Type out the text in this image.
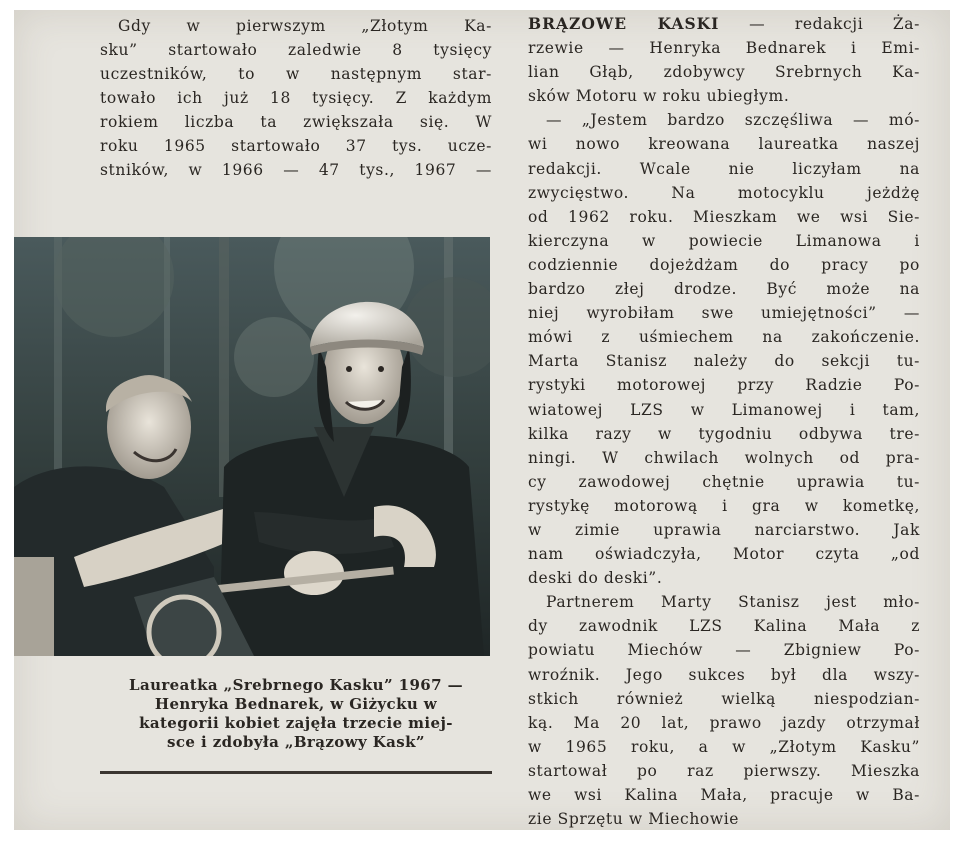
Gdy w pierwszym „Złotym Ka-
sku” startowało zaledwie 8 tysięcy
uczestników, to w następnym star-
towało ich już 18 tysięcy. Z każdym
rokiem liczba ta zwiększała się. W
roku 1965 startowało 37 tys. ucze-
stników, w 1966 — 47 tys., 1967 —
Laureatka „Srebrnego Kasku” 1967 —
Henryka Bednarek, w Giżycku w
kategorii kobiet zajęła trzecie miej-
sce i zdobyła „Brązowy Kask”
BRĄZOWE KASKI — redakcji Ża-
rzewie — Henryka Bednarek i Emi-
lian Głąb, zdobywcy Srebrnych Ka-
sków Motoru w roku ubiegłym.
— „Jestem bardzo szczęśliwa — mó-
wi nowo kreowana laureatka naszej
redakcji. Wcale nie liczyłam na
zwycięstwo. Na motocyklu jeżdżę
od 1962 roku. Mieszkam we wsi Sie-
kierczyna w powiecie Limanowa i
codziennie dojeżdżam do pracy po
bardzo złej drodze. Być może na
niej wyrobiłam swe umiejętności” —
mówi z uśmiechem na zakończenie.
Marta Stanisz należy do sekcji tu-
rystyki motorowej przy Radzie Po-
wiatowej LZS w Limanowej i tam,
kilka razy w tygodniu odbywa tre-
ningi. W chwilach wolnych od pra-
cy zawodowej chętnie uprawia tu-
rystykę motorową i gra w kometkę,
w zimie uprawia narciarstwo. Jak
nam oświadczyła, Motor czyta „od
deski do deski”.
Partnerem Marty Stanisz jest mło-
dy zawodnik LZS Kalina Mała z
powiatu Miechów — Zbigniew Po-
wroźnik. Jego sukces był dla wszy-
stkich również wielką niespodzian-
ką. Ma 20 lat, prawo jazdy otrzymał
w 1965 roku, a w „Złotym Kasku”
startował po raz pierwszy. Mieszka
we wsi Kalina Mała, pracuje w Ba-
zie Sprzętu w Miechowie
